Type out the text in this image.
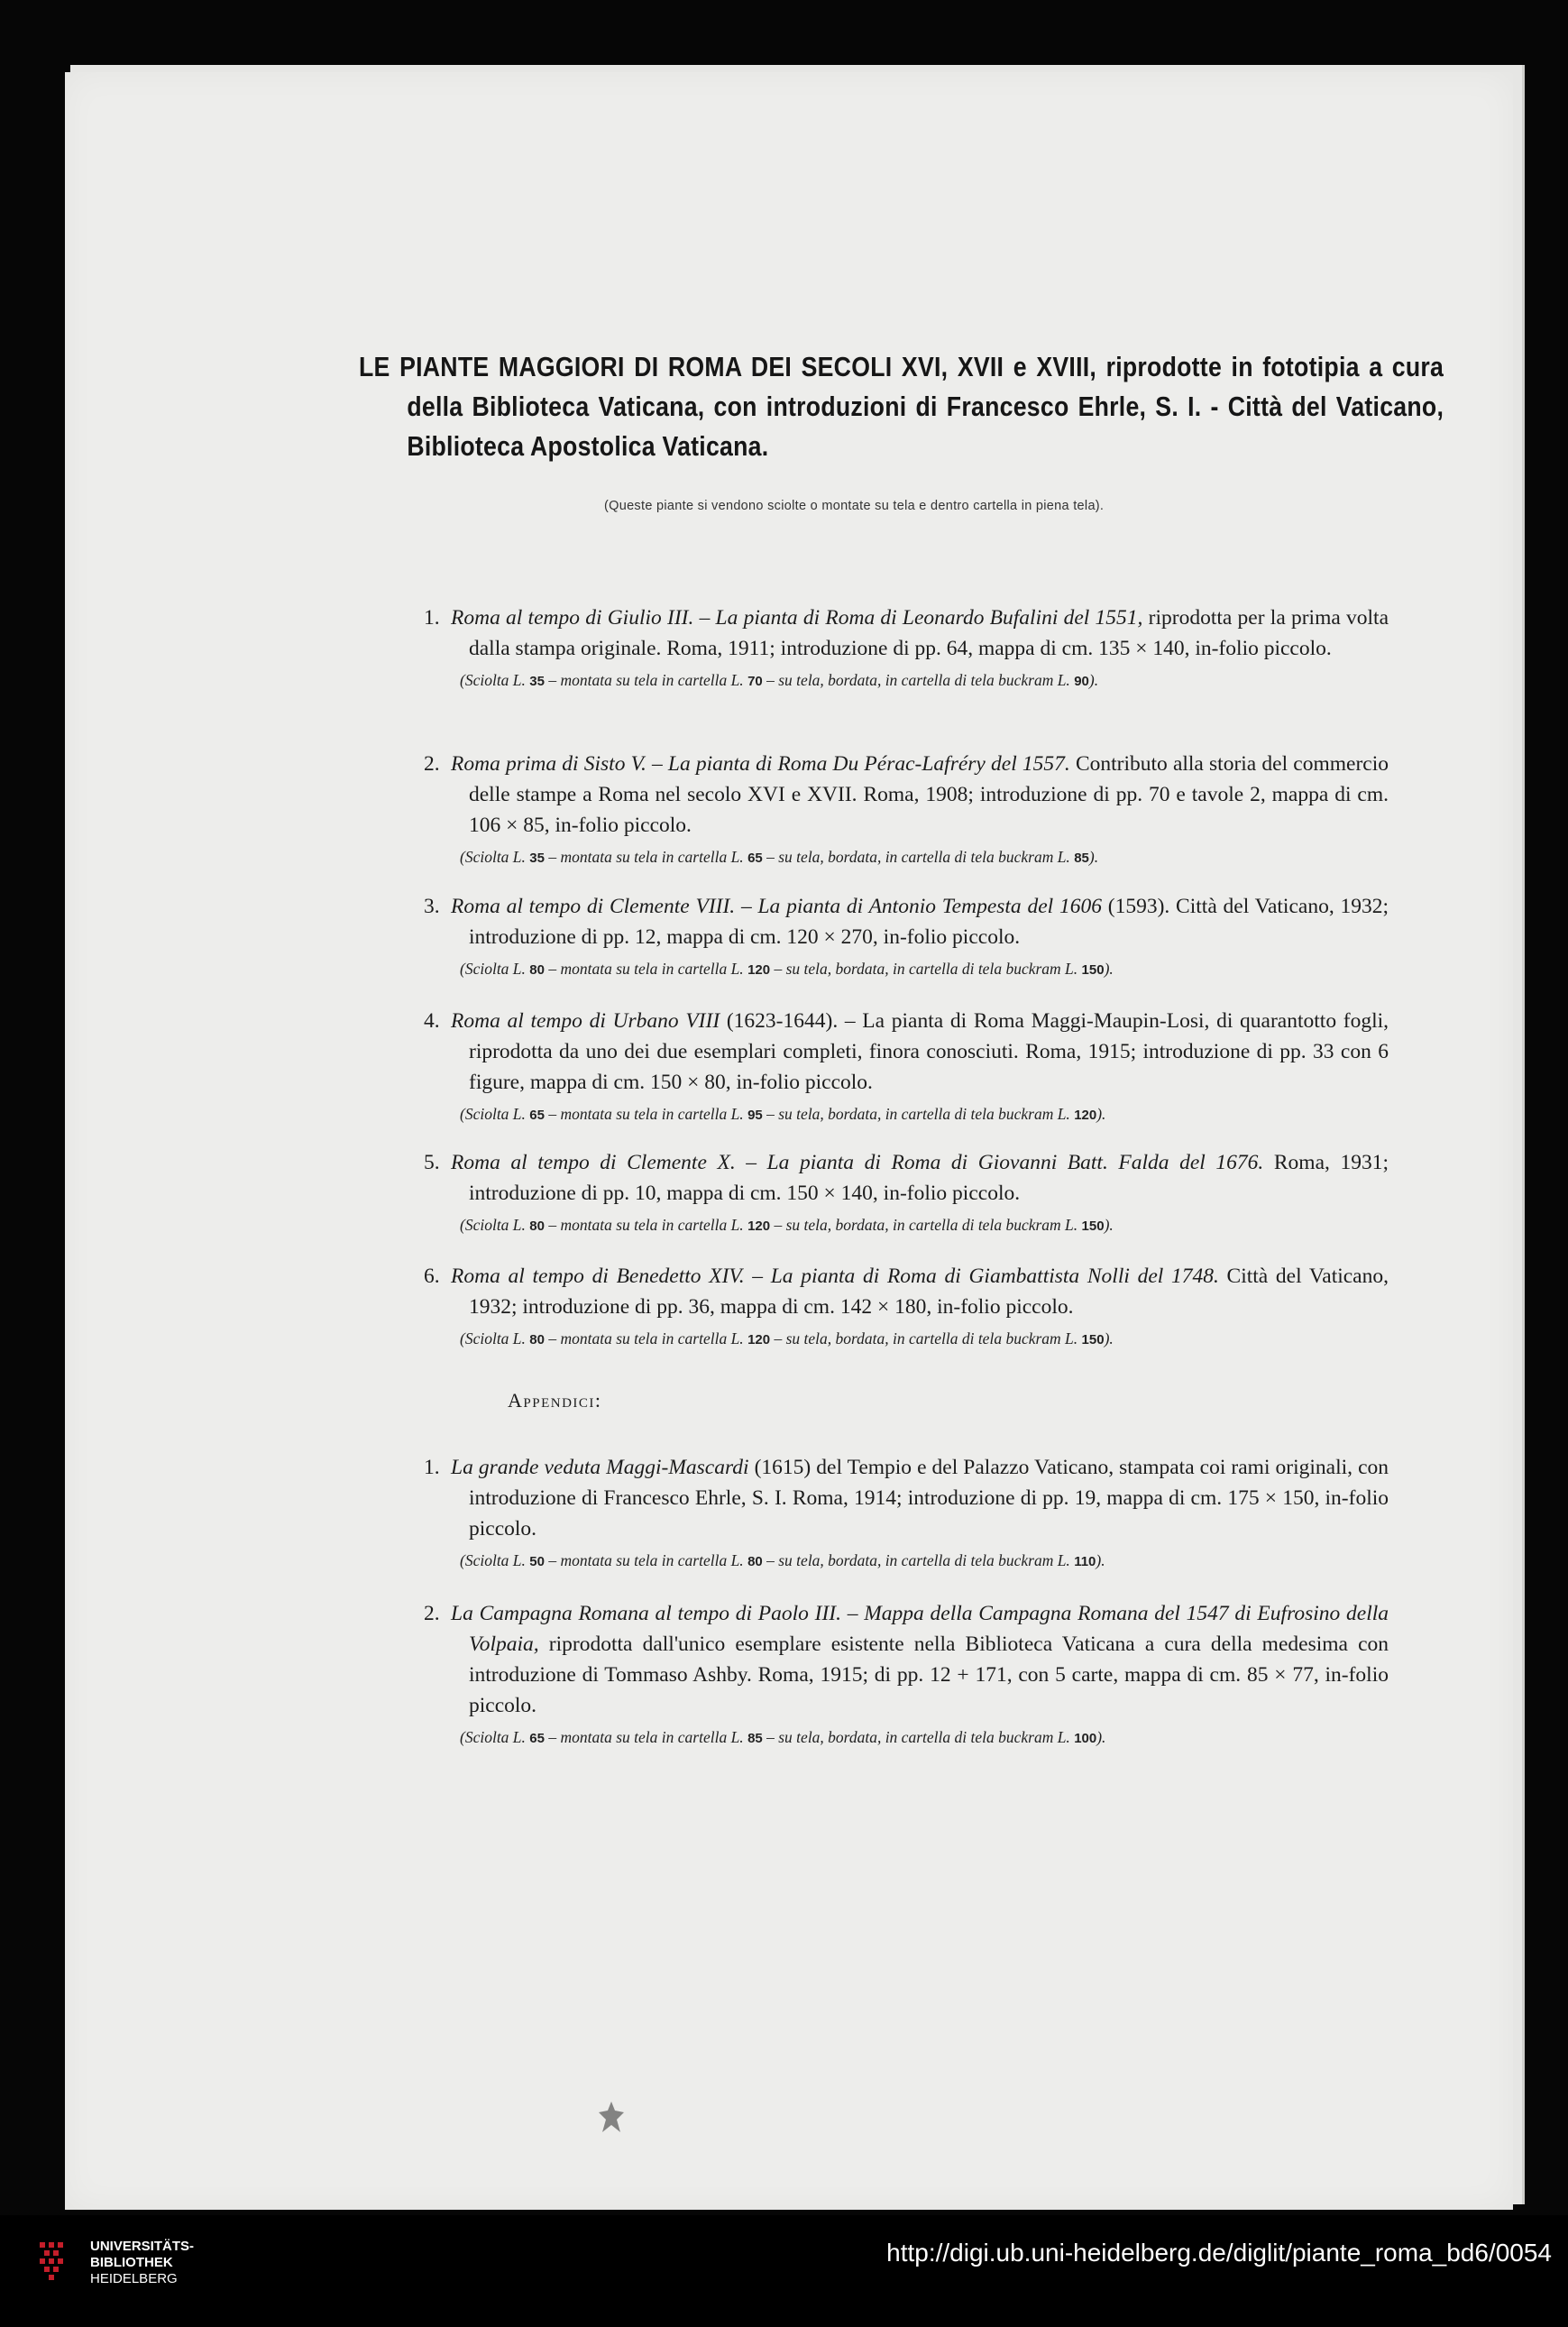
LE PIANTE MAGGIORI DI ROMA DEI SECOLI XVI, XVII e XVIII, riprodotte in fototipia a cura della Biblioteca Vaticana, con introduzioni di Francesco Ehrle, S. I. - Città del Vaticano, Biblioteca Apostolica Vaticana.
(Queste piante si vendono sciolte o montate su tela e dentro cartella in piena tela).

1. Roma al tempo di Giulio III. – La pianta di Roma di Leonardo Bufalini del 1551, riprodotta per la prima volta dalla stampa originale. Roma, 1911; introduzione di pp. 64, mappa di cm. 135 × 140, in-folio piccolo.

(Sciolta L. 35 – montata su tela in cartella L. 70 – su tela, bordata, in cartella di tela buckram L. 90).

2. Roma prima di Sisto V. – La pianta di Roma Du Pérac-Lafréry del 1557. Contributo alla storia del commercio delle stampe a Roma nel secolo XVI e XVII. Roma, 1908; introduzione di pp. 70 e tavole 2, mappa di cm. 106 × 85, in-folio piccolo.

(Sciolta L. 35 – montata su tela in cartella L. 65 – su tela, bordata, in cartella di tela buckram L. 85).

3. Roma al tempo di Clemente VIII. – La pianta di Antonio Tempesta del 1606 (1593). Città del Vaticano, 1932; introduzione di pp. 12, mappa di cm. 120 × 270, in-folio piccolo.

(Sciolta L. 80 – montata su tela in cartella L. 120 – su tela, bordata, in cartella di tela buckram L. 150).

4. Roma al tempo di Urbano VIII (1623-1644). – La pianta di Roma Maggi-Maupin-Losi, di quarantotto fogli, riprodotta da uno dei due esemplari completi, finora conosciuti. Roma, 1915; introduzione di pp. 33 con 6 figure, mappa di cm. 150 × 80, in-folio piccolo.

(Sciolta L. 65 – montata su tela in cartella L. 95 – su tela, bordata, in cartella di tela buckram L. 120).

5. Roma al tempo di Clemente X. – La pianta di Roma di Giovanni Batt. Falda del 1676. Roma, 1931; introduzione di pp. 10, mappa di cm. 150 × 140, in-folio piccolo.

(Sciolta L. 80 – montata su tela in cartella L. 120 – su tela, bordata, in cartella di tela buckram L. 150).

6. Roma al tempo di Benedetto XIV. – La pianta di Roma di Giambattista Nolli del 1748. Città del Vaticano, 1932; introduzione di pp. 36, mappa di cm. 142 × 180, in-folio piccolo.

(Sciolta L. 80 – montata su tela in cartella L. 120 – su tela, bordata, in cartella di tela buckram L. 150).

Appendici:

1. La grande veduta Maggi-Mascardi (1615) del Tempio e del Palazzo Vaticano, stampata coi rami originali, con introduzione di Francesco Ehrle, S. I. Roma, 1914; introduzione di pp. 19, mappa di cm. 175 × 150, in-folio piccolo.

(Sciolta L. 50 – montata su tela in cartella L. 80 – su tela, bordata, in cartella di tela buckram L. 110).

2. La Campagna Romana al tempo di Paolo III. – Mappa della Campagna Romana del 1547 di Eufrosino della Volpaia, riprodotta dall'unico esemplare esistente nella Biblioteca Vaticana a cura della medesima con introduzione di Tommaso Ashby. Roma, 1915; di pp. 12 + 171, con 5 carte, mappa di cm. 85 × 77, in-folio piccolo.

(Sciolta L. 65 – montata su tela in cartella L. 85 – su tela, bordata, in cartella di tela buckram L. 100).

UNIVERSITÄTS-
BIBLIOTHEK
HEIDELBERG
http://digi.ub.uni-heidelberg.de/diglit/piante_roma_bd6/0054
